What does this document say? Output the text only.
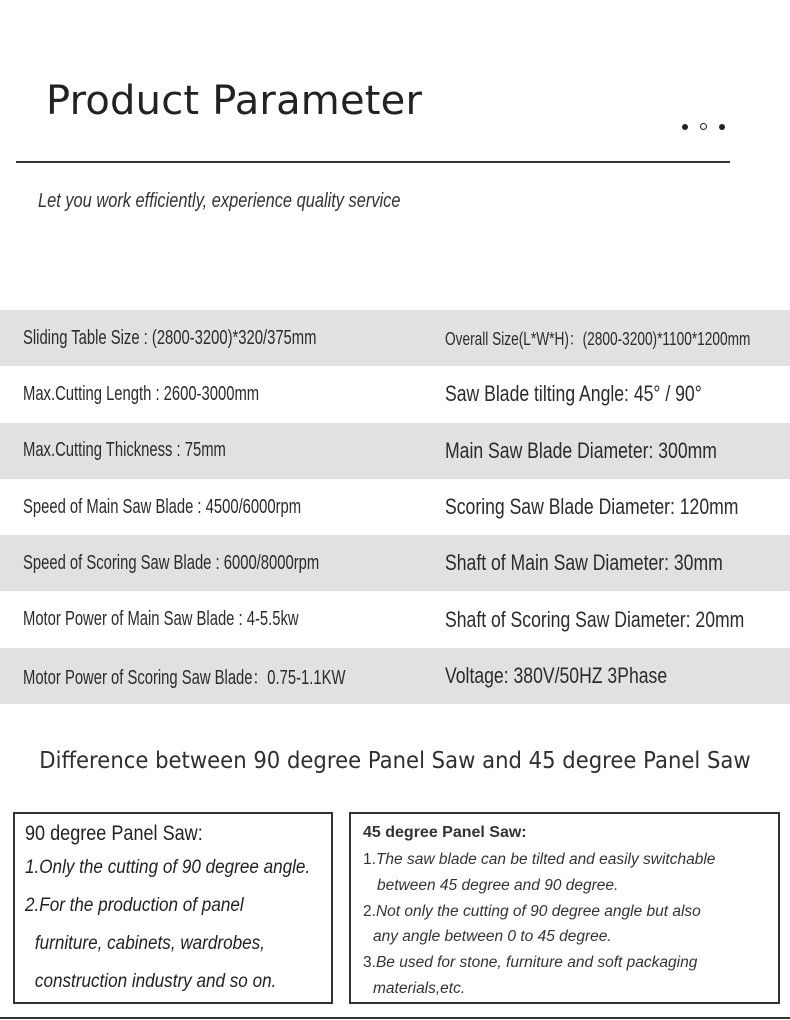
Product Parameter
Let you work efficiently, experience quality service
Sliding Table Size : (2800-3200)*320/375mm	Overall Size(L*W*H)：(2800-3200)*1100*1200mm
Max.Cutting Length : 2600-3000mm	Saw Blade tilting Angle: 45° / 90°
Max.Cutting Thickness : 75mm	Main Saw Blade Diameter: 300mm
Speed of Main Saw Blade : 4500/6000rpm	Scoring Saw Blade Diameter: 120mm
Speed of Scoring Saw Blade : 6000/8000rpm	Shaft of Main Saw Diameter: 30mm
Motor Power of Main Saw Blade : 4-5.5kw	Shaft of Scoring Saw Diameter: 20mm
Motor Power of Scoring Saw Blade：0.75-1.1KW	Voltage: 380V/50HZ 3Phase
Difference between 90 degree Panel Saw and 45 degree Panel Saw
90 degree Panel Saw:
1.Only the cutting of 90 degree angle.
2.For the production of panel
furniture, cabinets, wardrobes,
construction industry and so on.
45 degree Panel Saw:
1.The saw blade can be tilted and easily switchable
between 45 degree and 90 degree.
2.Not only the cutting of 90 degree angle but also
any angle between 0 to 45 degree.
3.Be used for stone, furniture and soft packaging
materials,etc.
